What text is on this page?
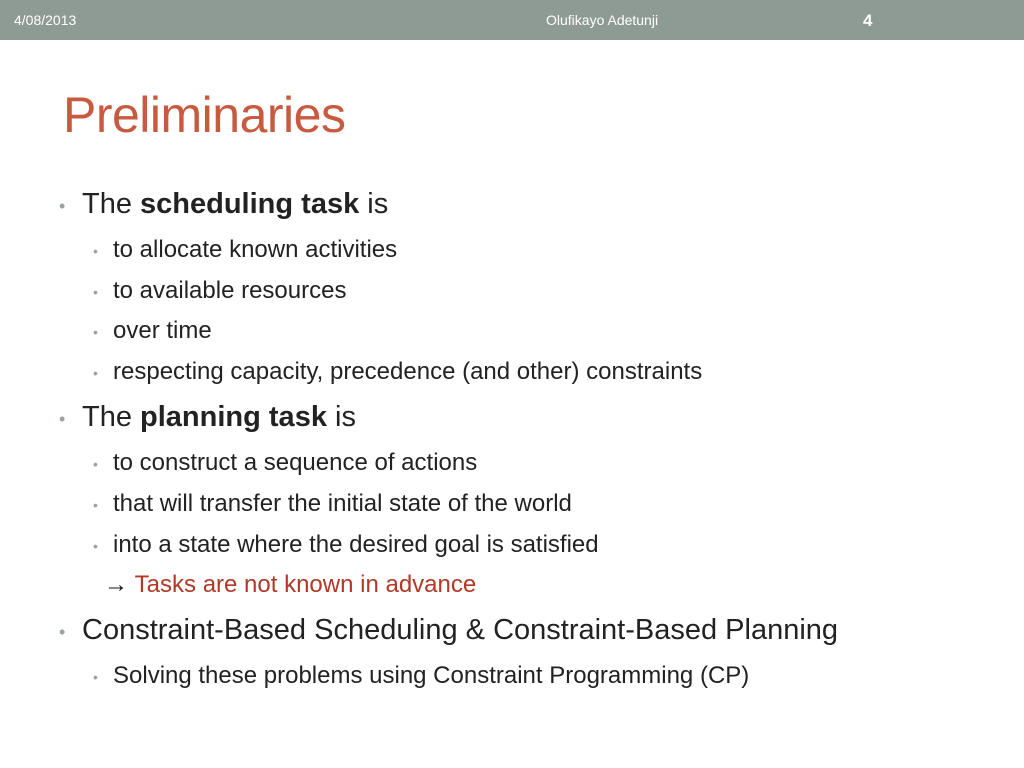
4/08/2013	Olufikayo Adetunji	4
Preliminaries
• The scheduling task is
• to allocate known activities
• to available resources
• over time
• respecting capacity, precedence (and other) constraints
• The planning task is
• to construct a sequence of actions
• that will transfer the initial state of the world
• into a state where the desired goal is satisfied
→ Tasks are not known in advance
• Constraint-Based Scheduling & Constraint-Based Planning
• Solving these problems using Constraint Programming (CP)
